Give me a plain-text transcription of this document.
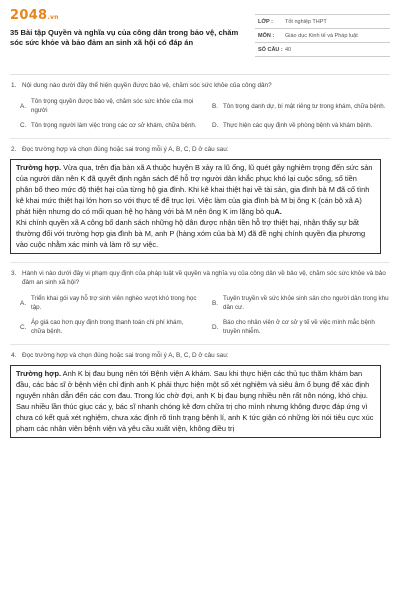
2048.vn
35 Bài tập Quyền và nghĩa vụ của công dân trong bảo vệ, chăm sóc sức khỏe và bảo đảm an sinh xã hội có đáp án
LỚP :	Tốt nghiệp THPT
MÔN :	Giáo dục Kinh tế và Pháp luật
SỐ CÂU : 40
1. Nội dung nào dưới đây thể hiện quyền được bảo vệ, chăm sóc sức khỏe của công dân?
A.
Tôn trọng quyền được bảo vệ, chăm sóc sức khỏe của mọi người
B. Tôn trọng danh dự, bí mật riêng tư trong khám, chữa bệnh.
C. Tôn trọng người làm việc trong các cơ sở khám, chữa bệnh. D. Thực hiện các quy định về phòng bệnh và khám bệnh.
2. Đọc trường hợp và chọn đúng hoặc sai trong mỗi ý A, B, C, D ở câu sau:
Trường hợp. Vừa qua, trên địa bàn xã A thuộc huyện B xảy ra lũ ống, lũ quét gây nghiêm trọng đến sức sản của người dân nên K đã quyết định ngân sách để hỗ trợ người dân khắc phục khó lại cuộc sống, số tiền phân bổ theo mức độ thiệt hại của từng hộ gia đình. Khi kê khai thiệt hại về tài sản, gia đình bà M đã cố tình kê khai mức thiệt hại lớn hơn so với thực tế để trục lợi. Việc làm của gia đình bà M bị ông K (cán bộ xã A) phát hiện nhưng do có mối quan hệ họ hàng với bà M nên ông K im lặng bỏ quA.
Khi chính quyền xã A công bố danh sách những hộ dân được nhận tiền hỗ trợ thiệt hại, nhận thấy sự bất thường đối với trường hợp gia đình bà M, anh P (hàng xóm của bà M) đã đề nghị chính quyền địa phương vào cuộc nhằm xác minh và làm rõ sự việc.
3. Hành vi nào dưới đây vi phạm quy định của pháp luật về quyền và nghĩa vụ của công dân về bảo vệ, chăm sóc sức khỏe và bảo đảm an sinh xã hội?
A.
Triển khai gói vay hỗ trợ sinh viên nghèo vượt khó trong học tập.
B.
Tuyên truyền về sức khỏe sinh sản cho người dân trong khu dân cư.
C.
Áp giá cao hơn quy định trong thanh toán chi phí khám, chữa bệnh.
D.
Báo cho nhân viên ở cơ sở y tế về việc mình mắc bệnh truyền nhiễm.
4. Đọc trường hợp và chọn đúng hoặc sai trong mỗi ý A, B, C, D ở câu sau:
Trường hợp. Anh K bị đau bụng nên tới Bệnh viện A khám. Sau khi thực hiện các thủ tục thăm khám ban đầu, các bác sĩ ở bệnh viện chỉ định anh K phải thực hiện một số xét nghiệm và siêu âm ổ bụng để xác định nguyên nhân dẫn đến các cơn đau. Trong lúc chờ đợi, anh K bị đau bụng nhiều nên rất nôn nóng, khó chịu. Sau nhiều lần thúc giục các y, bác sĩ nhanh chóng kê đơn chữa trị cho mình nhưng không được đáp ứng vì chưa có kết quả xét nghiệm, chưa xác định rõ tình trạng bệnh lí, anh K tức giận có những lời nói tiêu cực xúc phạm các nhân viên bệnh viện và yêu cầu xuất viện, không điều trị
